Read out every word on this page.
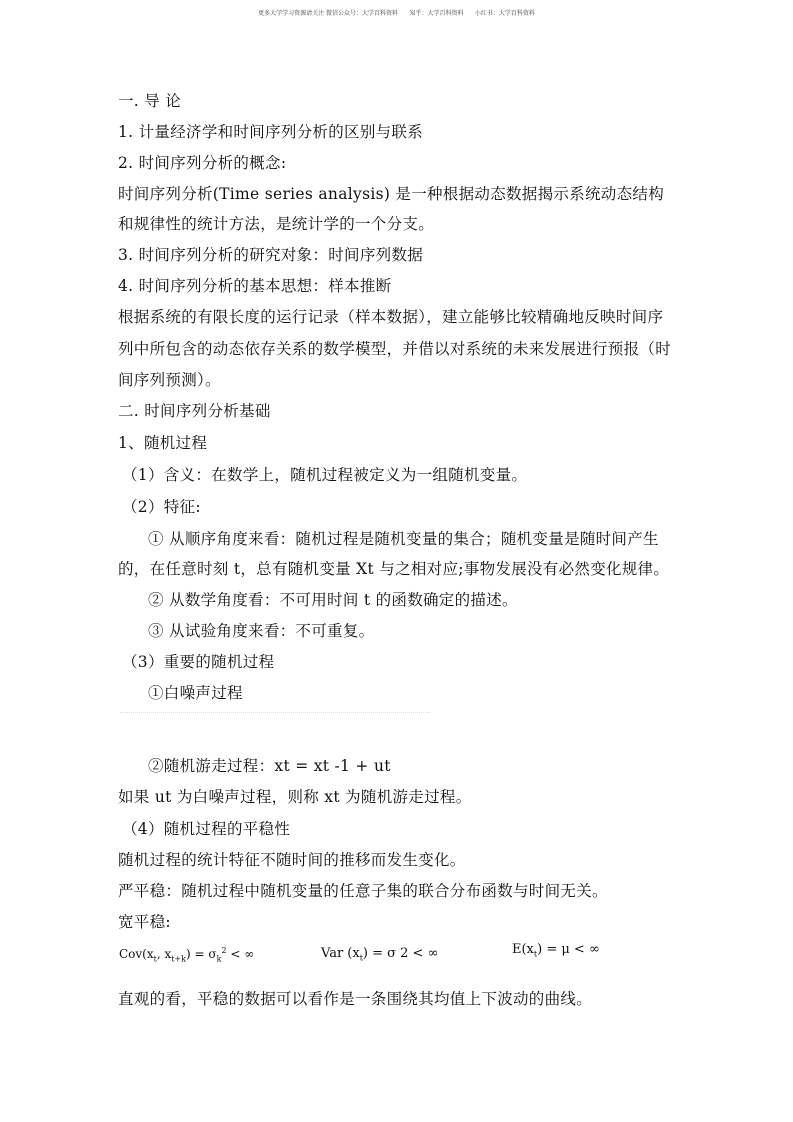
更多大学学习资源请关注 微信公众号：大学百科资料      知乎：大学百科资料      小红书：大学百科资料
一. 导 论
1. 计量经济学和时间序列分析的区别与联系
2. 时间序列分析的概念:
时间序列分析(Time series analysis) 是一种根据动态数据揭示系统动态结构
和规律性的统计方法，是统计学的一个分支。
3. 时间序列分析的研究对象：时间序列数据
4. 时间序列分析的基本思想：样本推断
根据系统的有限长度的运行记录（样本数据），建立能够比较精确地反映时间序
列中所包含的动态依存关系的数学模型，并借以对系统的未来发展进行预报（时
间序列预测）。
二. 时间序列分析基础
1、随机过程
（1）含义：在数学上，随机过程被定义为一组随机变量。
（2）特征:
① 从顺序角度来看：随机过程是随机变量的集合；随机变量是随时间产生
的，在任意时刻 t，总有随机变量 Xt 与之相对应;事物发展没有必然变化规律。
② 从数学角度看：不可用时间 t 的函数确定的描述。
③ 从试验角度来看：不可重复。
（3）重要的随机过程
①白噪声过程
②随机游走过程：xt = xt -1 + ut
如果 ut 为白噪声过程，则称 xt 为随机游走过程。
（4）随机过程的平稳性
随机过程的统计特征不随时间的推移而发生变化。
严平稳：随机过程中随机变量的任意子集的联合分布函数与时间无关。
宽平稳:
$Cov(x_t$, $x_{t+k}) = \sigma_k^2$ < ∞	Var $(x_t) = \sigma$ 2 < ∞	$E(x_t) = \mu$ < ∞
直观的看，平稳的数据可以看作是一条围绕其均值上下波动的曲线。
